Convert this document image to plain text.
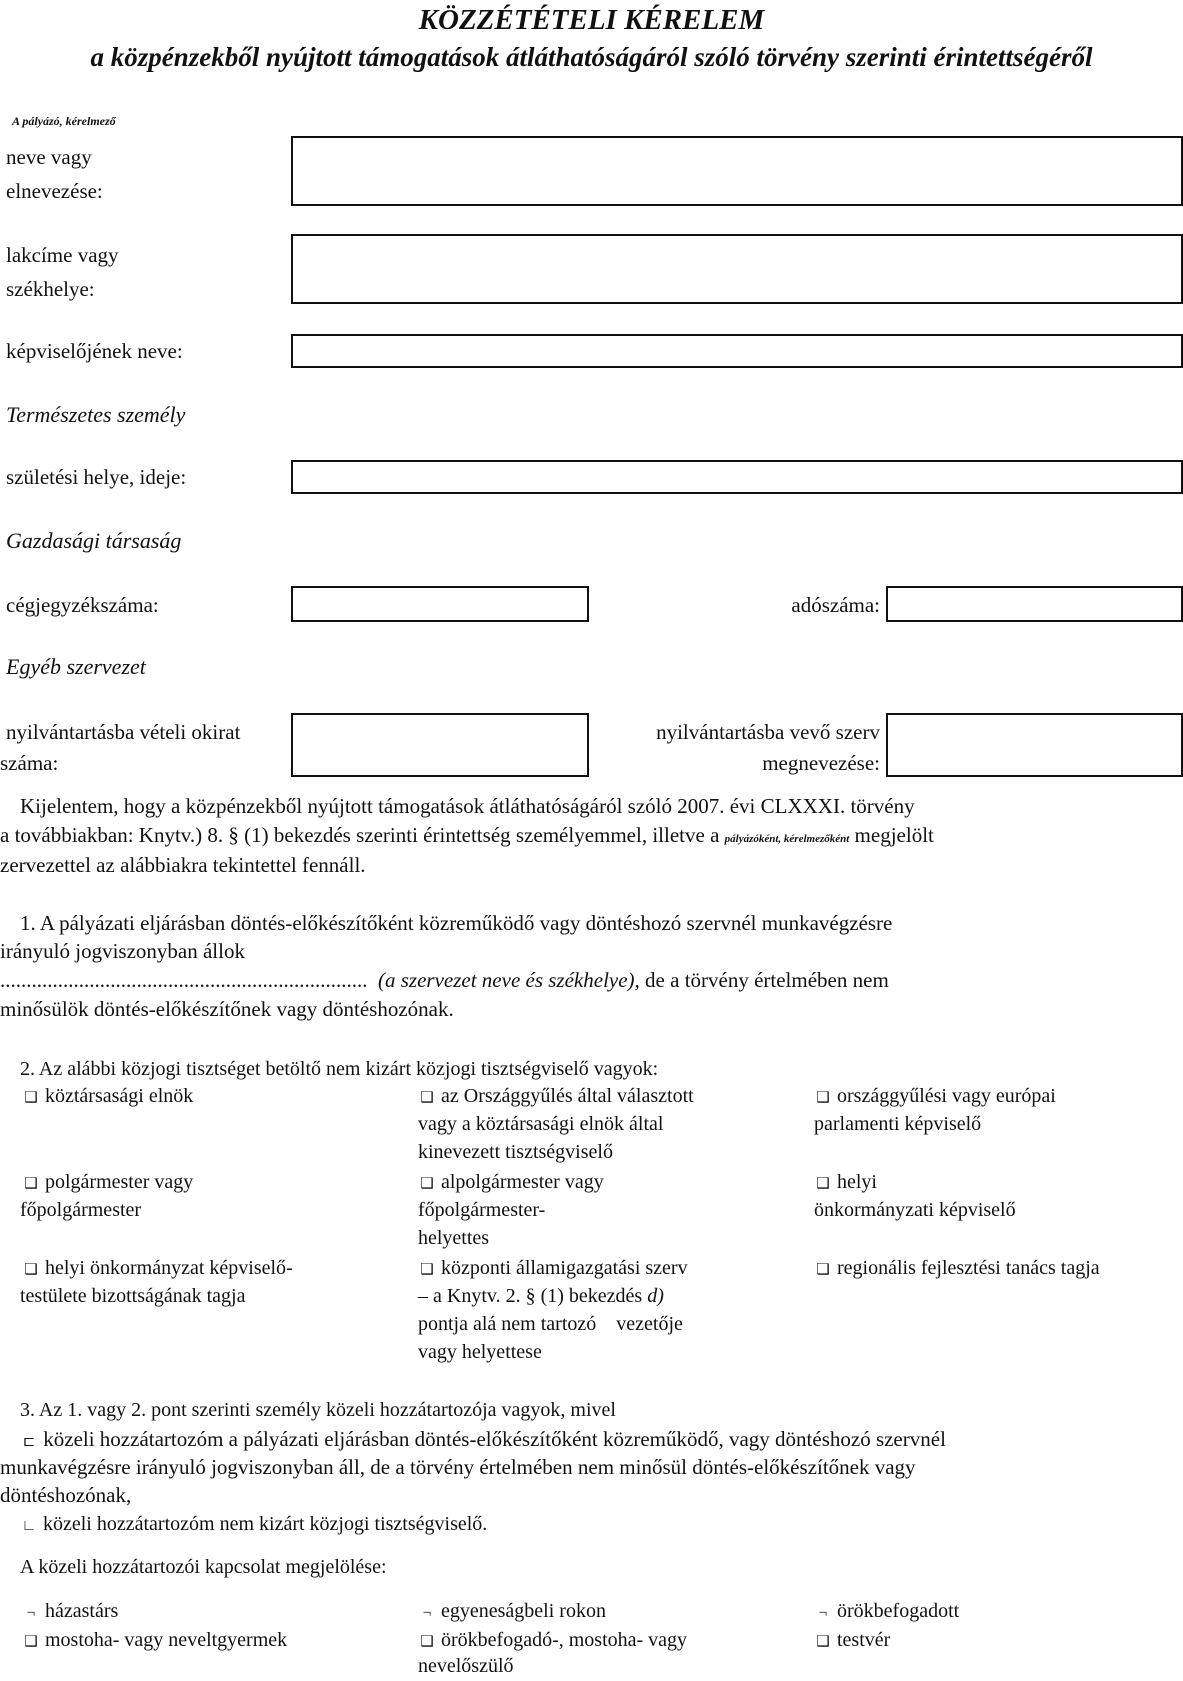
KÖZZÉTÉTELI KÉRELEM
a közpénzekből nyújtott támogatások átláthatóságáról szóló törvény szerinti érintettségéről
A pályázó, kérelmező
neve vagy
elnevezése:
lakcíme vagy
székhelye:
képviselőjének neve:
Természetes személy
születési helye, ideje:
Gazdasági társaság
cégjegyzékszáma:	adószáma:
Egyéb szervezet
nyilvántartásba vételi okirat
száma:
nyilvántartásba vevő szerv
megnevezése:
Kijelentem, hogy a közpénzekből nyújtott támogatások átláthatóságáról szóló 2007. évi CLXXXI. törvény
a továbbiakban: Knytv.) 8. § (1) bekezdés szerinti érintettség személyemmel, illetve a pályázóként, kérelmezőként megjelölt
zervezettel az alábbiakra tekintettel fennáll.
1. A pályázati eljárásban döntés-előkészítőként közreműködő vagy döntéshozó szervnél munkavégzésre
irányuló jogviszonyban állok
...................................................................... (a szervezet neve és székhelye), de a törvény értelmében nem
minősülök döntés-előkészítőnek vagy döntéshozónak.
2. Az alábbi közjogi tisztséget betöltő nem kizárt közjogi tisztségviselő vagyok:
❑ köztársasági elnök	❑ az Országgyűlés által választott
vagy a köztársasági elnök által
kinevezett tisztségviselő
❑ országgyűlési vagy európai
parlamenti képviselő
❑ polgármester vagy
főpolgármester
❑ alpolgármester vagy
főpolgármester-
helyettes
❑ helyi
önkormányzati képviselő
❑ helyi önkormányzat képviselő-
testülete bizottságának tagja
❑ központi államigazgatási szerv
– a Knytv. 2. § (1) bekezdés d)
pontja alá nem tartozó    vezetője
vagy helyettese
❑ regionális fejlesztési tanács tagja
3. Az 1. vagy 2. pont szerinti személy közeli hozzátartozója vagyok, mivel
⊏ közeli hozzátartozóm a pályázati eljárásban döntés-előkészítőként közreműködő, vagy döntéshozó szervnél
munkavégzésre irányuló jogviszonyban áll, de a törvény értelmében nem minősül döntés-előkészítőnek vagy
döntéshozónak,
∟ közeli hozzátartozóm nem kizárt közjogi tisztségviselő.
A közeli hozzátartozói kapcsolat megjelölése:
¬ házastárs	¬ egyeneságbeli rokon	¬ örökbefogadott
❑ mostoha- vagy neveltgyermek	❑ örökbefogadó-, mostoha- vagy
nevelőszülő
❑ testvér
